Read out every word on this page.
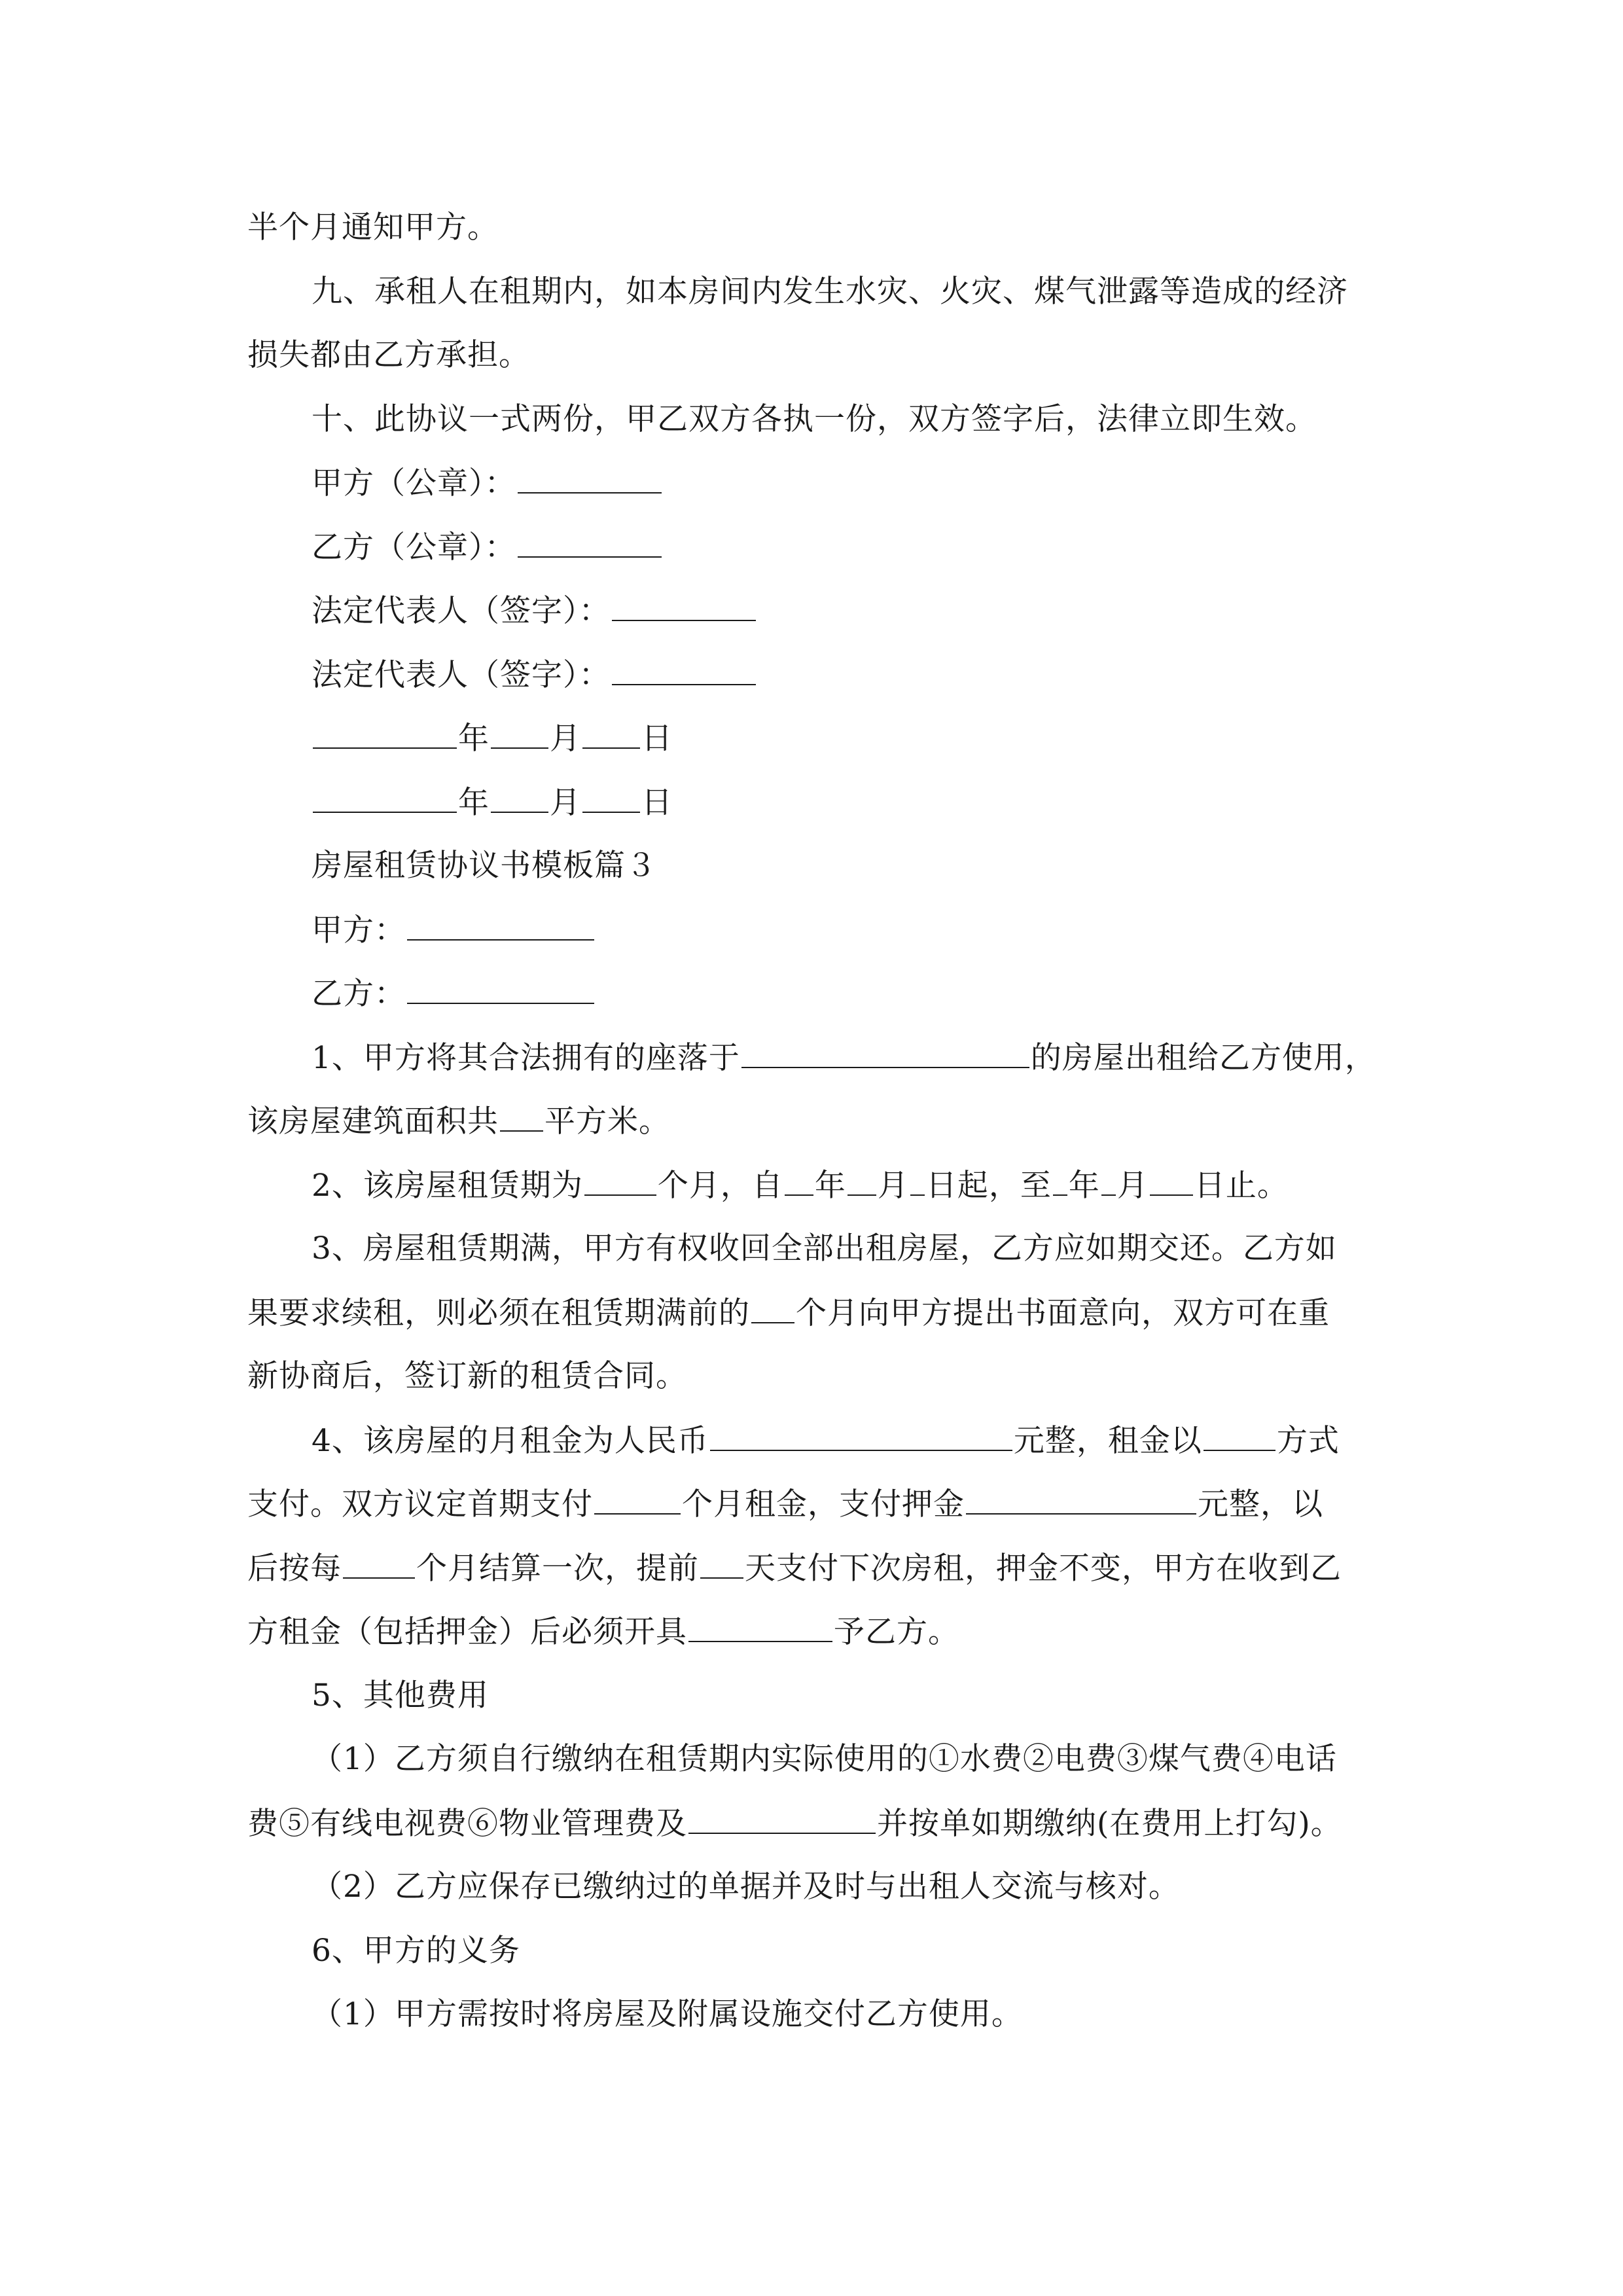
半个月通知甲方。
九、承租人在租期内，如本房间内发生水灾、火灾、煤气泄露等造成的经济
损失都由乙方承担。
十、此协议一式两份，甲乙双方各执一份，双方签字后，法律立即生效。
甲方（公章）：
乙方（公章）：
法定代表人（签字）：
法定代表人（签字）：
年 月 日
年 月 日
房屋租赁协议书模板篇３
甲方：
乙方：
1、甲方将其合法拥有的座落于	的房屋出租给乙方使用，
该房屋建筑面积共 平方米。
2、该房屋租赁期为 个月，自 年 月 日起，至 年 月 日止。
3、房屋租赁期满，甲方有权收回全部出租房屋，乙方应如期交还。乙方如
果要求续租，则必须在租赁期满前的 个月向甲方提出书面意向，双方可在重
新协商后，签订新的租赁合同。
4、该房屋的月租金为人民币	元整，租金以 方式
支付。双方议定首期支付	个月租金，支付押金	元整，以
后按每 个月结算一次，提前 天支付下次房租，押金不变，甲方在收到乙
方租金（包括押金）后必须开具	予乙方。
5、其他费用
（1）乙方须自行缴纳在租赁期内实际使用的①水费②电费③煤气费④电话
费⑤有线电视费⑥物业管理费及	并按单如期缴纳(在费用上打勾)。
（2）乙方应保存已缴纳过的单据并及时与出租人交流与核对。
6、甲方的义务
（1）甲方需按时将房屋及附属设施交付乙方使用。
